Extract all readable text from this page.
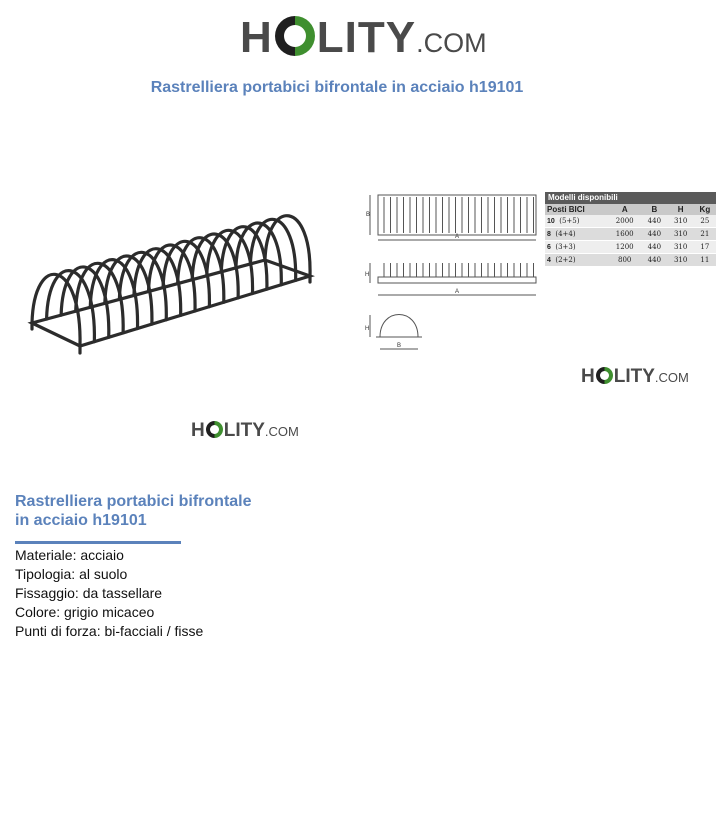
H LITY .COM
Rastrelliera portabici bifrontale in acciaio h19101
B
A
H
A
H
B
Modelli disponibili
Posti BICI	A	B	H	Kg
10 (5+5)	2000	440	310	25
8 (4+4)	1600	440	310	21
6 (3+3)	1200	440	310	17
4 (2+2)	800	440	310	11
H LITY .COM
H LITY .COM
Rastrelliera portabici bifrontale
in acciaio h19101
Materiale: acciaio
Tipologia: al suolo
Fissaggio: da tassellare
Colore: grigio micaceo
Punti di forza: bi-facciali / fisse
